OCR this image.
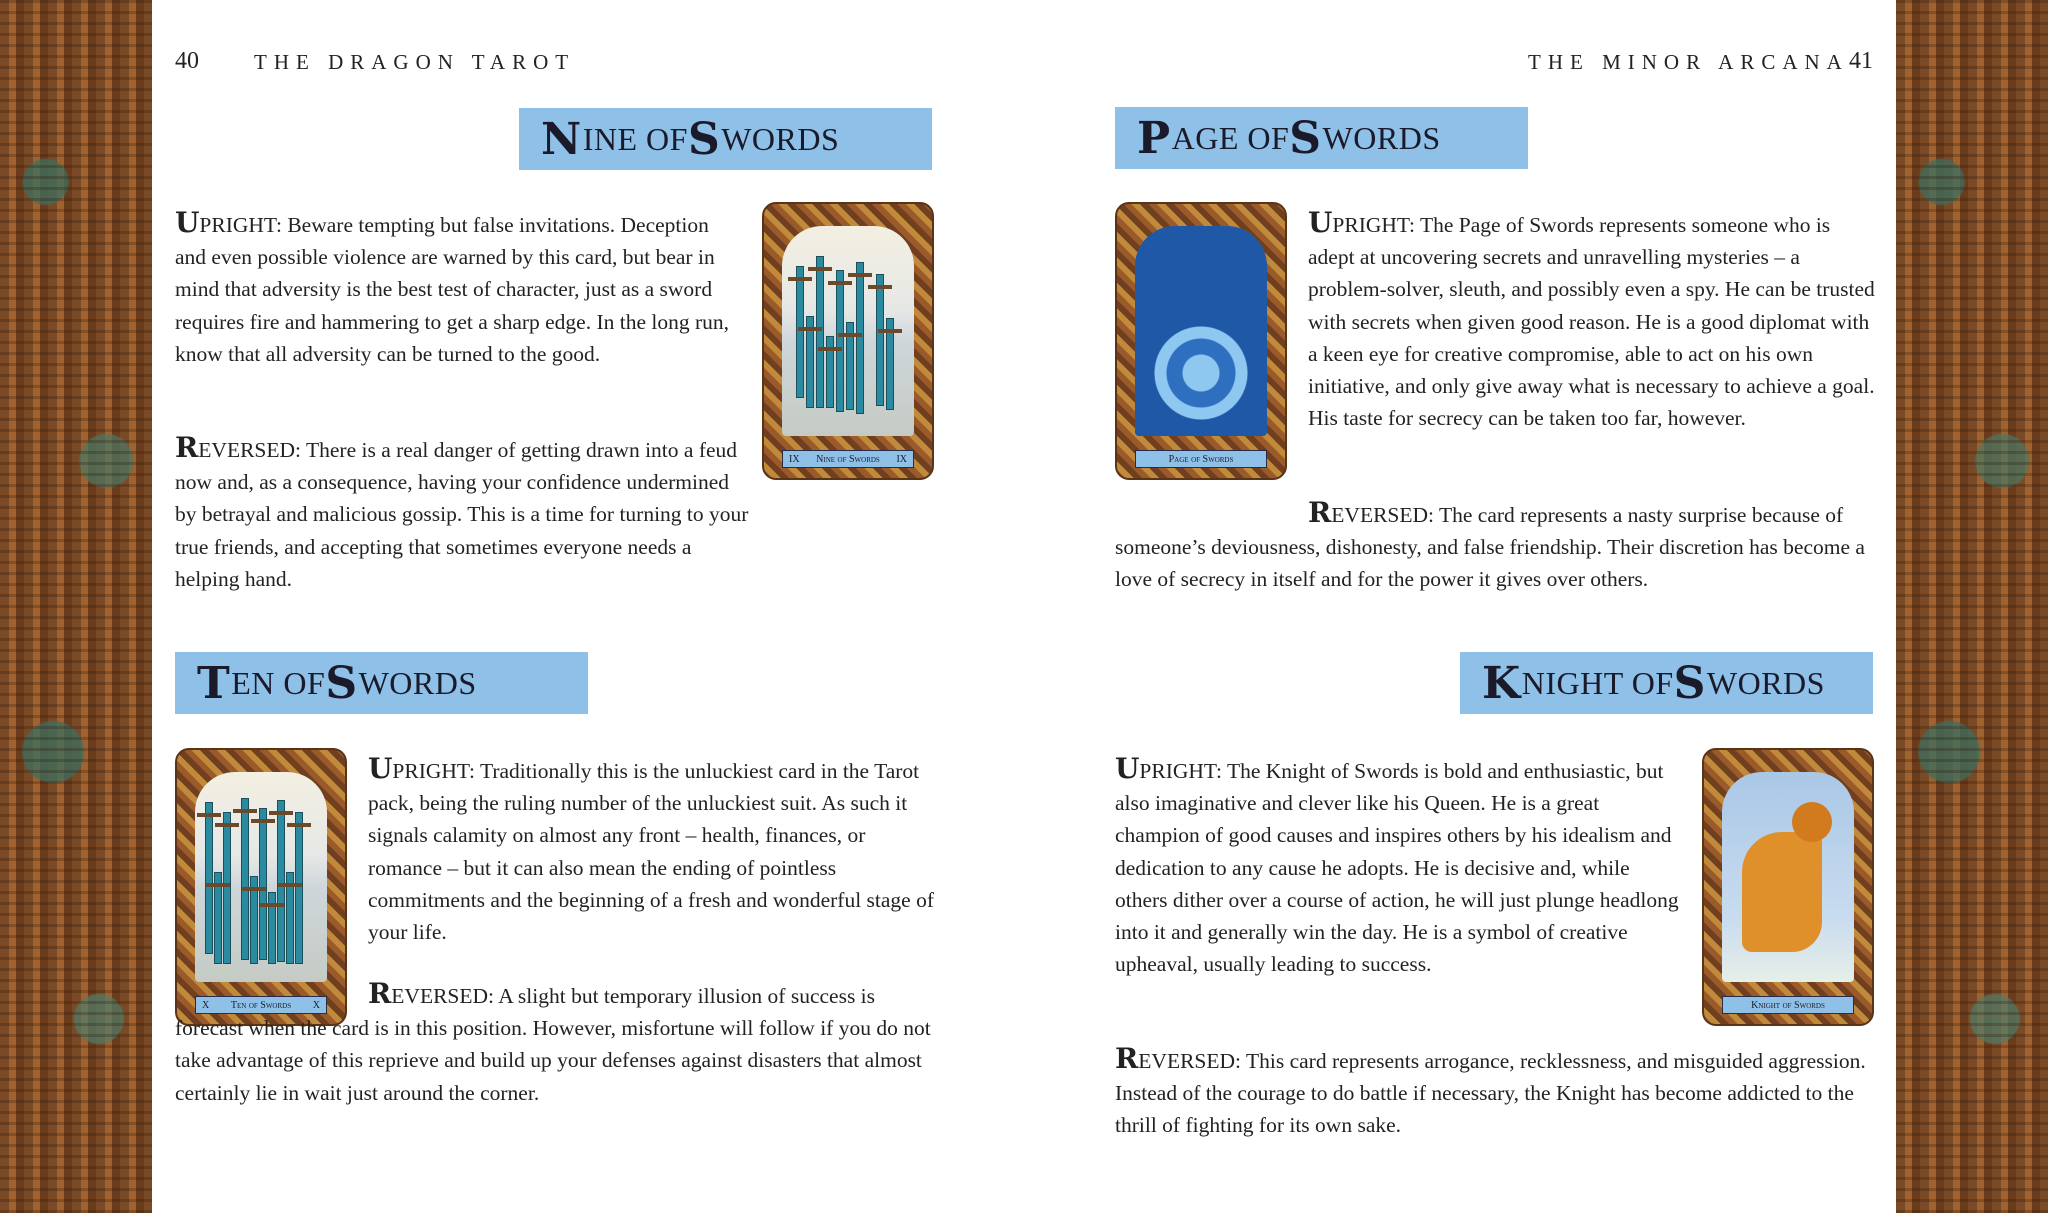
40	THE DRAGON TAROT	THE MINOR ARCANA 41
N INE OF S WORDS
IX	Nine of Swords	IX

UPRIGHT: Beware tempting but false invitations. Deception and even possible violence are warned by this card, but bear in mind that adversity is the best test of character, just as a sword requires fire and hammering to get a sharp edge. In the long run, know that all adversity can be turned to the good.

REVERSED: There is a real danger of getting drawn into a feud now and, as a consequence, having your confidence undermined by betrayal and malicious gossip. This is a time for turning to your true friends, and accepting that sometimes everyone needs a helping hand.

P AGE OF S WORDS
Page of Swords

UPRIGHT: The Page of Swords represents someone who is adept at uncovering secrets and unravelling mysteries – a problem-solver, sleuth, and possibly even a spy. He can be trusted with secrets when given good reason. He is a good diplomat with a keen eye for creative compromise, able to act on his own initiative, and only give away what is necessary to achieve a goal. His taste for secrecy can be taken too far, however.

REVERSED: The card represents a nasty surprise because of someone’s deviousness, dishonesty, and false friendship. Their discretion has become a love of secrecy in itself and for the power it gives over others.

T EN OF S WORDS
X	Ten of Swords	X

UPRIGHT: Traditionally this is the unluckiest card in the Tarot pack, being the ruling number of the unluckiest suit. As such it signals calamity on almost any front – health, finances, or romance – but it can also mean the ending of pointless commitments and the beginning of a fresh and wonderful stage of your life.

REVERSED: A slight but temporary illusion of success is forecast when the card is in this position. However, misfortune will follow if you do not take advantage of this reprieve and build up your defenses against disasters that almost certainly lie in wait just around the corner.

K NIGHT OF S WORDS
Knight of Swords

UPRIGHT: The Knight of Swords is bold and enthusiastic, but also imaginative and clever like his Queen. He is a great champion of good causes and inspires others by his idealism and dedication to any cause he adopts. He is decisive and, while others dither over a course of action, he will just plunge headlong into it and generally win the day. He is a symbol of creative upheaval, usually leading to success.

REVERSED: This card represents arrogance, recklessness, and misguided aggression. Instead of the courage to do battle if necessary, the Knight has become addicted to the thrill of fighting for its own sake.
